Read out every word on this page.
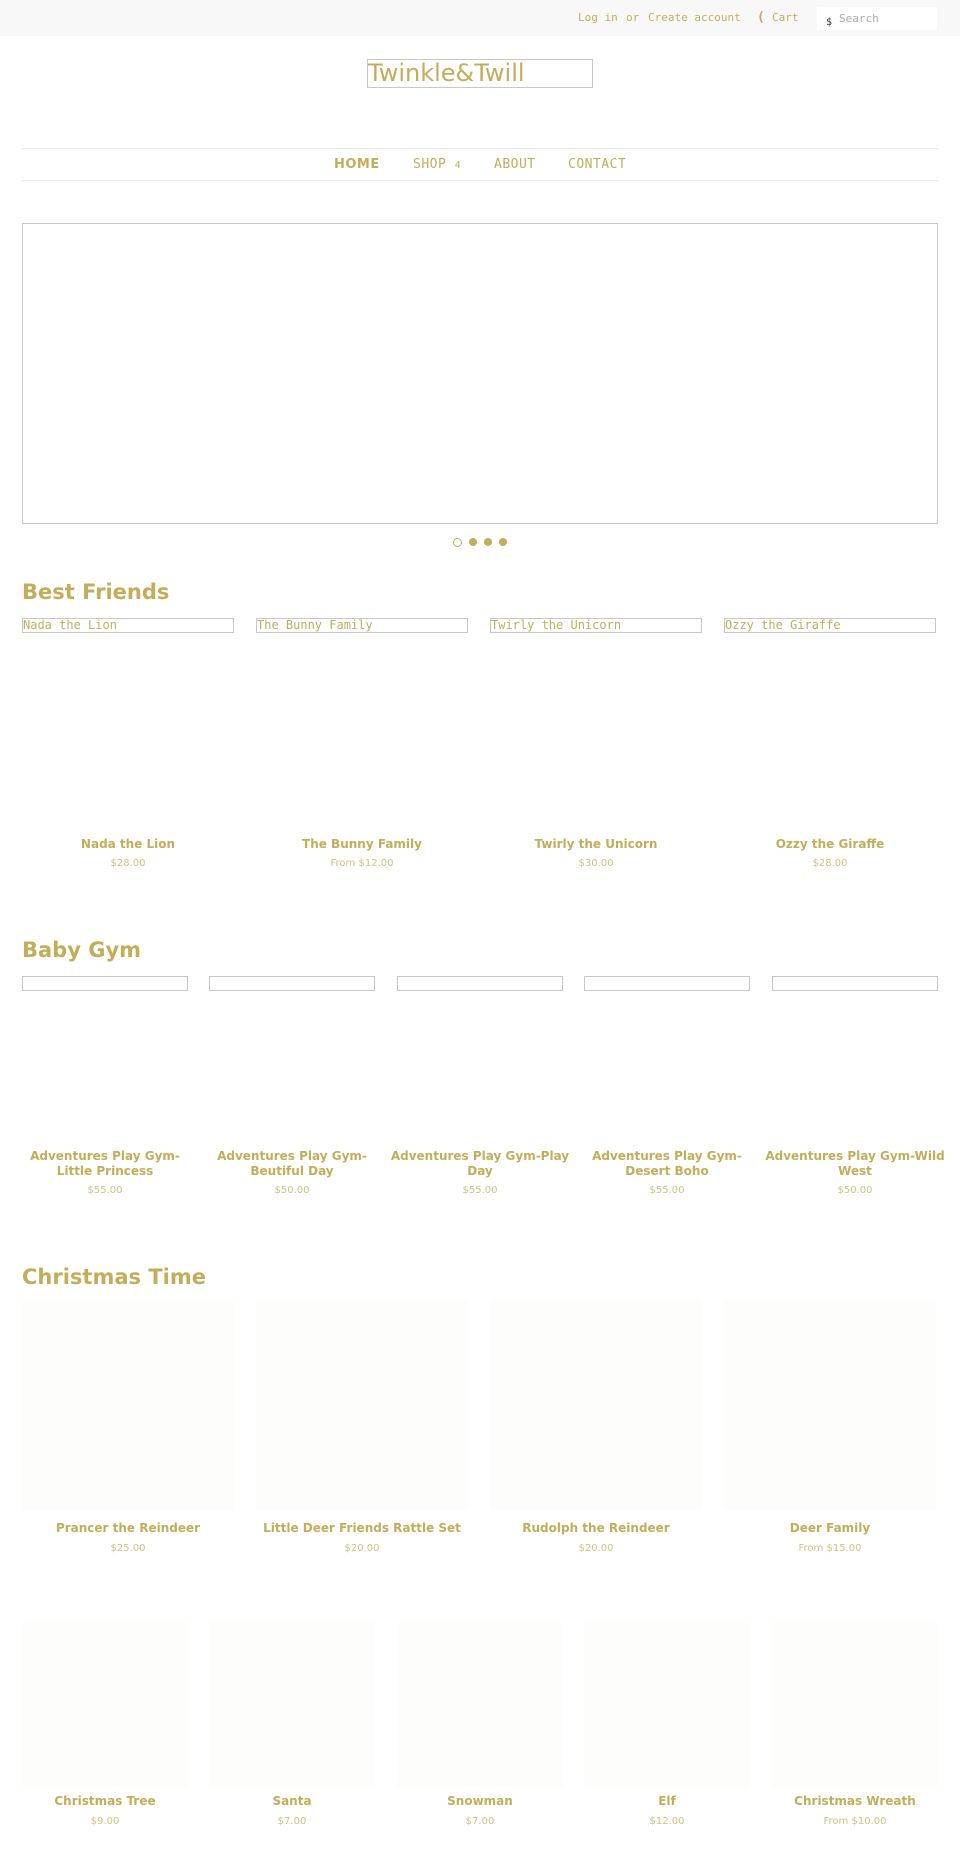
Log in or Create account ( Cart	$
Search
Twinkle&Twill
HOME	SHOP 4	ABOUT CONTACT
Best Friends
Nada the Lion	The Bunny Family	Twirly the Unicorn	Ozzy the Giraffe
Nada the Lion
$28.00
The Bunny Family
From $12.00
Twirly the Unicorn
$30.00
Ozzy the Giraffe
$28.00
Baby Gym
Adventures Play Gym-
Little Princess
$55.00
Adventures Play Gym-
Beutiful Day
$50.00
Adventures Play Gym-Play
Day
$55.00
Adventures Play Gym-
Desert Boho
$55.00
Adventures Play Gym-Wild
West
$50.00
Christmas Time
Prancer the Reindeer
$25.00
Little Deer Friends Rattle Set
$20.00
Rudolph the Reindeer
$20.00
Deer Family
From $15.00
Christmas Tree
$9.00
Santa
$7.00
Snowman
$7.00
Elf
$12.00
Christmas Wreath
From $10.00
